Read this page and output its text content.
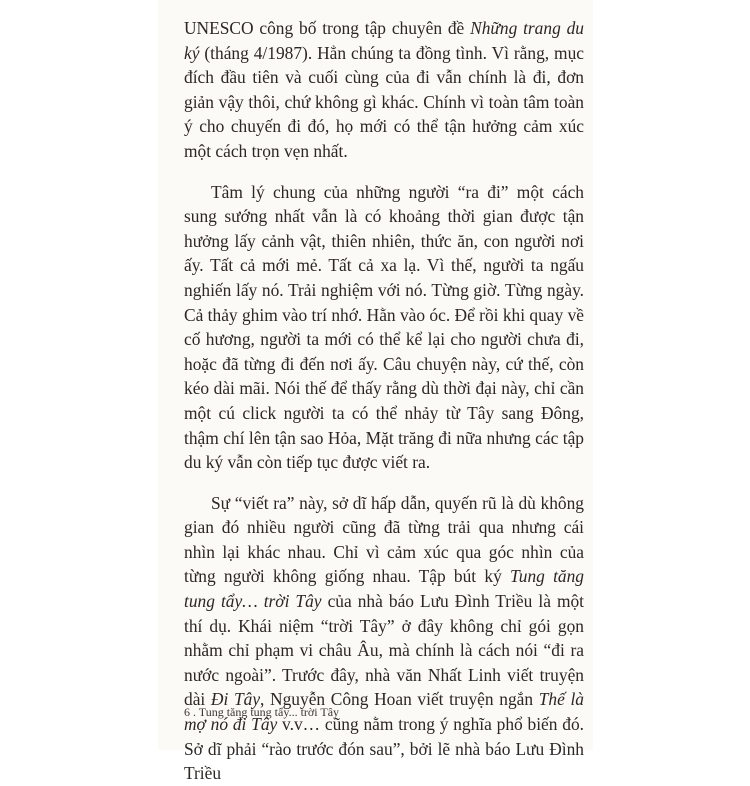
UNESCO công bố trong tập chuyên đề Những trang du ký (tháng 4/1987). Hẳn chúng ta đồng tình. Vì rằng, mục đích đầu tiên và cuối cùng của đi vẫn chính là đi, đơn giản vậy thôi, chứ không gì khác. Chính vì toàn tâm toàn ý cho chuyến đi đó, họ mới có thể tận hưởng cảm xúc một cách trọn vẹn nhất.

Tâm lý chung của những người “ra đi” một cách sung sướng nhất vẫn là có khoảng thời gian được tận hưởng lấy cảnh vật, thiên nhiên, thức ăn, con người nơi ấy. Tất cả mới mẻ. Tất cả xa lạ. Vì thế, người ta ngấu nghiến lấy nó. Trải nghiệm với nó. Từng giờ. Từng ngày. Cả thảy ghim vào trí nhớ. Hằn vào óc. Để rồi khi quay về cố hương, người ta mới có thể kể lại cho người chưa đi, hoặc đã từng đi đến nơi ấy. Câu chuyện này, cứ thế, còn kéo dài mãi. Nói thế để thấy rằng dù thời đại này, chỉ cần một cú click người ta có thể nhảy từ Tây sang Đông, thậm chí lên tận sao Hỏa, Mặt trăng đi nữa nhưng các tập du ký vẫn còn tiếp tục được viết ra.

Sự “viết ra” này, sở dĩ hấp dẫn, quyến rũ là dù không gian đó nhiều người cũng đã từng trải qua nhưng cái nhìn lại khác nhau. Chỉ vì cảm xúc qua góc nhìn của từng người không giống nhau. Tập bút ký Tung tăng tung tẩy… trời Tây của nhà báo Lưu Đình Triều là một thí dụ. Khái niệm “trời Tây” ở đây không chỉ gói gọn nhằm chỉ phạm vi châu Âu, mà chính là cách nói “đi ra nước ngoài”. Trước đây, nhà văn Nhất Linh viết truyện dài Đi Tây, Nguyễn Công Hoan viết truyện ngắn Thế là mợ nó đi Tây v.v… cũng nằm trong ý nghĩa phổ biến đó. Sở dĩ phải “rào trước đón sau”, bởi lẽ nhà báo Lưu Đình Triều

6 . Tung tăng tung tẩy... trời Tây
